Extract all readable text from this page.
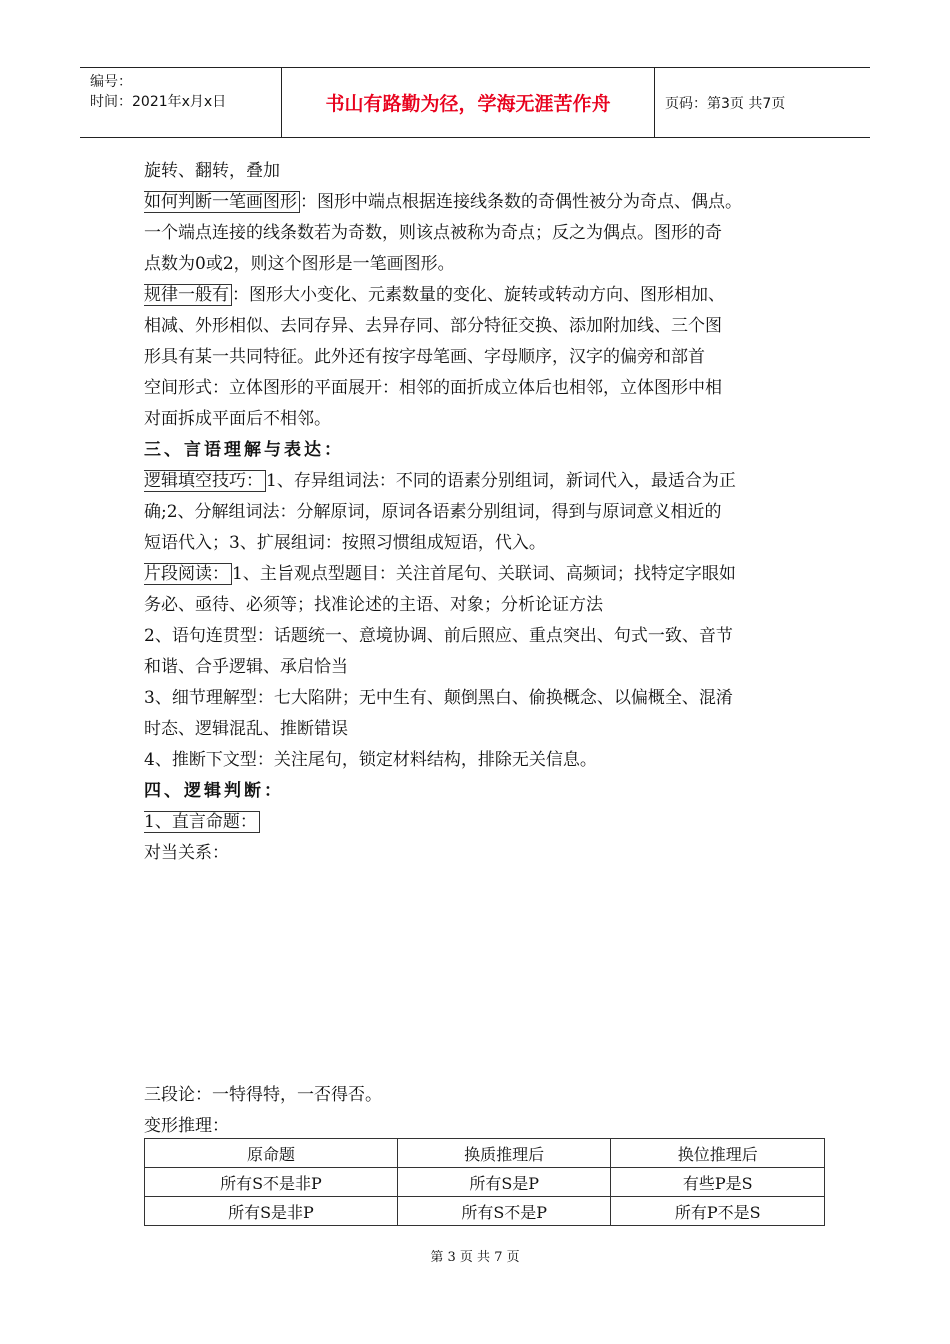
编号：
时间：2021年x月x日	书山有路勤为径，学海无涯苦作舟	页码：第3页 共7页
旋转、翻转，叠加
如何判断一笔画图形 ：图形中端点根据连接线条数的奇偶性被分为奇点、偶点。
一个端点连接的线条数若为奇数，则该点被称为奇点；反之为偶点。图形的奇
点数为0或2，则这个图形是一笔画图形。
规律一般有 ：图形大小变化、元素数量的变化、旋转或转动方向、图形相加、
相减、外形相似、去同存异、去异存同、部分特征交换、添加附加线、三个图
形具有某一共同特征。此外还有按字母笔画、字母顺序，汉字的偏旁和部首
空间形式：立体图形的平面展开：相邻的面折成立体后也相邻，立体图形中相
对面拆成平面后不相邻。
三、言语理解与表达：
逻辑填空技巧： 1、存异组词法：不同的语素分别组词，新词代入，最适合为正
确;2、分解组词法：分解原词，原词各语素分别组词，得到与原词意义相近的
短语代入；3、扩展组词：按照习惯组成短语，代入。
片段阅读： 1、主旨观点型题目：关注首尾句、关联词、高频词；找特定字眼如
务必、亟待、必须等；找准论述的主语、对象；分析论证方法
2、语句连贯型：话题统一、意境协调、前后照应、重点突出、句式一致、音节
和谐、合乎逻辑、承启恰当
3、细节理解型：七大陷阱；无中生有、颠倒黑白、偷换概念、以偏概全、混淆
时态、逻辑混乱、推断错误
4、推断下文型：关注尾句，锁定材料结构，排除无关信息。
四、逻辑判断：
1、直言命题：
对当关系：
三段论：一特得特，一否得否。
变形推理：
原命题	换质推理后	换位推理后
所有S不是非P	所有S是P	有些P是S
所有S是非P	所有S不是P	所有P不是S
第 3 页 共 7 页
